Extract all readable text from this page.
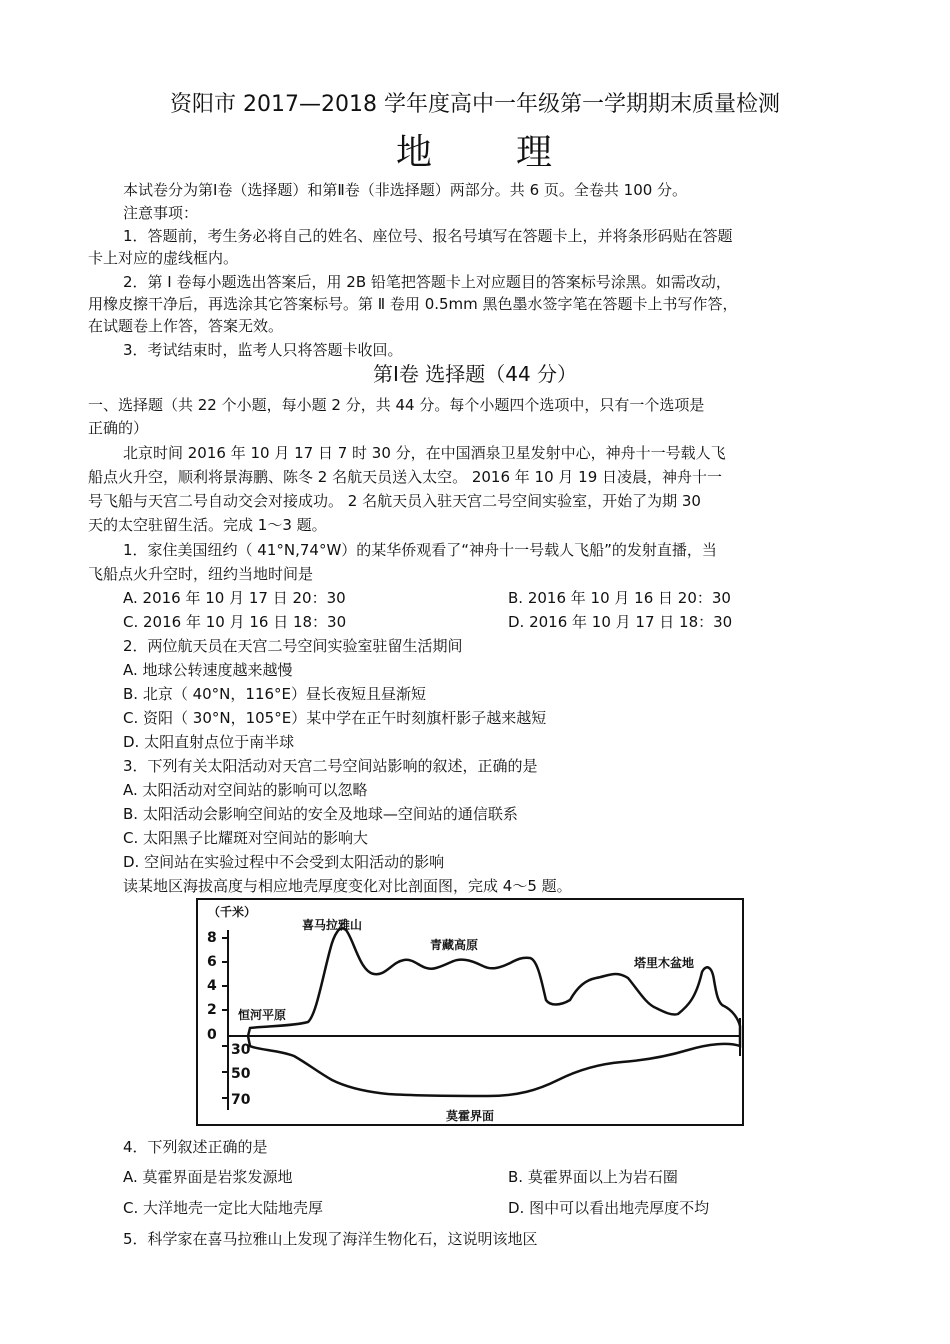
资阳市 2017—2018 学年度高中一年级第一学期期末质量检测
地 理
本试卷分为第Ⅰ卷（选择题）和第Ⅱ卷（非选择题）两部分。共 6 页。全卷共 100 分。
注意事项：
1．答题前，考生务必将自己的姓名、座位号、报名号填写在答题卡上，并将条形码贴在答题
卡上对应的虚线框内。
2．第 Ⅰ 卷每小题选出答案后，用 2B 铅笔把答题卡上对应题目的答案标号涂黑。如需改动，
用橡皮擦干净后，再选涂其它答案标号。第 Ⅱ 卷用 0.5mm 黑色墨水签字笔在答题卡上书写作答，
在试题卷上作答，答案无效。
3．考试结束时，监考人只将答题卡收回。
第Ⅰ卷 选择题（44 分）
一、选择题（共 22 个小题，每小题 2 分，共 44 分。每个小题四个选项中，只有一个选项是
正确的）
北京时间 2016 年 10 月 17 日 7 时 30 分，在中国酒泉卫星发射中心，神舟十一号载人飞
船点火升空，顺利将景海鹏、陈冬 2 名航天员送入太空。 2016 年 10 月 19 日凌晨，神舟十一
号飞船与天宫二号自动交会对接成功。 2 名航天员入驻天宫二号空间实验室，开始了为期 30
天的太空驻留生活。完成 1～3 题。
1．家住美国纽约（ 41°N,74°W）的某华侨观看了“神舟十一号载人飞船”的发射直播，当
飞船点火升空时，纽约当地时间是
A. 2016 年 10 月 17 日 20：30	B. 2016 年 10 月 16 日 20：30
C. 2016 年 10 月 16 日 18：30	D. 2016 年 10 月 17 日 18：30
2．两位航天员在天宫二号空间实验室驻留生活期间
A. 地球公转速度越来越慢
B. 北京（ 40°N，116°E）昼长夜短且昼渐短
C. 资阳（ 30°N，105°E）某中学在正午时刻旗杆影子越来越短
D. 太阳直射点位于南半球
3．下列有关太阳活动对天宫二号空间站影响的叙述，正确的是
A. 太阳活动对空间站的影响可以忽略
B. 太阳活动会影响空间站的安全及地球—空间站的通信联系
C. 太阳黑子比耀斑对空间站的影响大
D. 空间站在实验过程中不会受到太阳活动的影响
读某地区海拔高度与相应地壳厚度变化对比剖面图，完成 4～5 题。
（千米）
喜马拉雅山
青藏高原
塔里木盆地
恒河平原
莫霍界面
8
6
4
2
0
30
50
70
4．下列叙述正确的是
A. 莫霍界面是岩浆发源地	B. 莫霍界面以上为岩石圈
C. 大洋地壳一定比大陆地壳厚	D. 图中可以看出地壳厚度不均
5．科学家在喜马拉雅山上发现了海洋生物化石，这说明该地区
